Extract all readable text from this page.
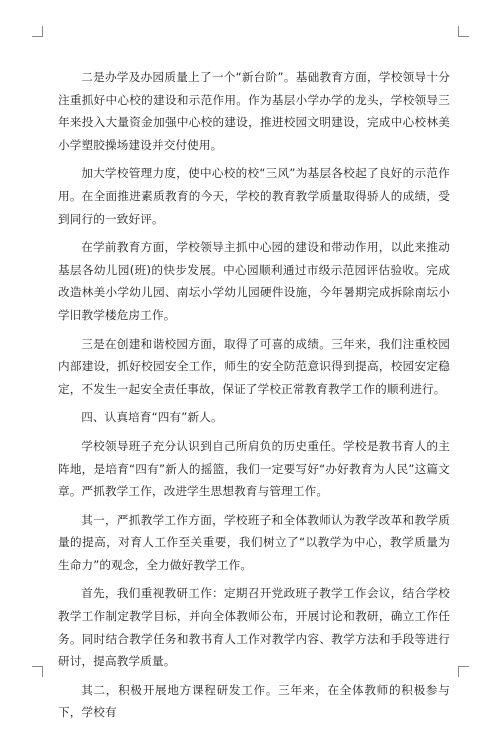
二是办学及办园质量上了一个“新台阶”。基础教育方面，学校领导十分注重抓好中心校的建设和示范作用。作为基层小学办学的龙头，学校领导三年来投入大量资金加强中心校的建设，推进校园文明建设，完成中心校林美小学塑胶操场建设并交付使用。

加大学校管理力度，使中心校的校“三风”为基层各校起了良好的示范作用。在全面推进素质教育的今天，学校的教育教学质量取得骄人的成绩，受到同行的一致好评。

在学前教育方面，学校领导主抓中心园的建设和带动作用，以此来推动基层各幼儿园(班)的快步发展。中心园顺利通过市级示范园评估验收。完成改造林美小学幼儿园、南坛小学幼儿园硬件设施，今年暑期完成拆除南坛小学旧教学楼危房工作。

三是在创建和谐校园方面，取得了可喜的成绩。三年来，我们注重校园内部建设，抓好校园安全工作，师生的安全防范意识得到提高，校园安定稳定，不发生一起安全责任事故，保证了学校正常教育教学工作的顺利进行。

四、认真培育“四有”新人。

学校领导班子充分认识到自己所肩负的历史重任。学校是教书育人的主阵地，是培育“四有”新人的摇篮，我们一定要写好“办好教育为人民”这篇文章。严抓教学工作，改进学生思想教育与管理工作。

其一，严抓教学工作方面，学校班子和全体教师认为教学改革和教学质量的提高，对育人工作至关重要，我们树立了“以教学为中心，教学质量为生命力”的观念，全力做好教学工作。

首先，我们重视教研工作：定期召开党政班子教学工作会议，结合学校教学工作制定教学目标，并向全体教师公布，开展讨论和教研，确立工作任务。同时结合教学任务和教书育人工作对教学内容、教学方法和手段等进行研讨，提高教学质量。

其二，积极开展地方课程研发工作。三年来，在全体教师的积极参与下，学校有
